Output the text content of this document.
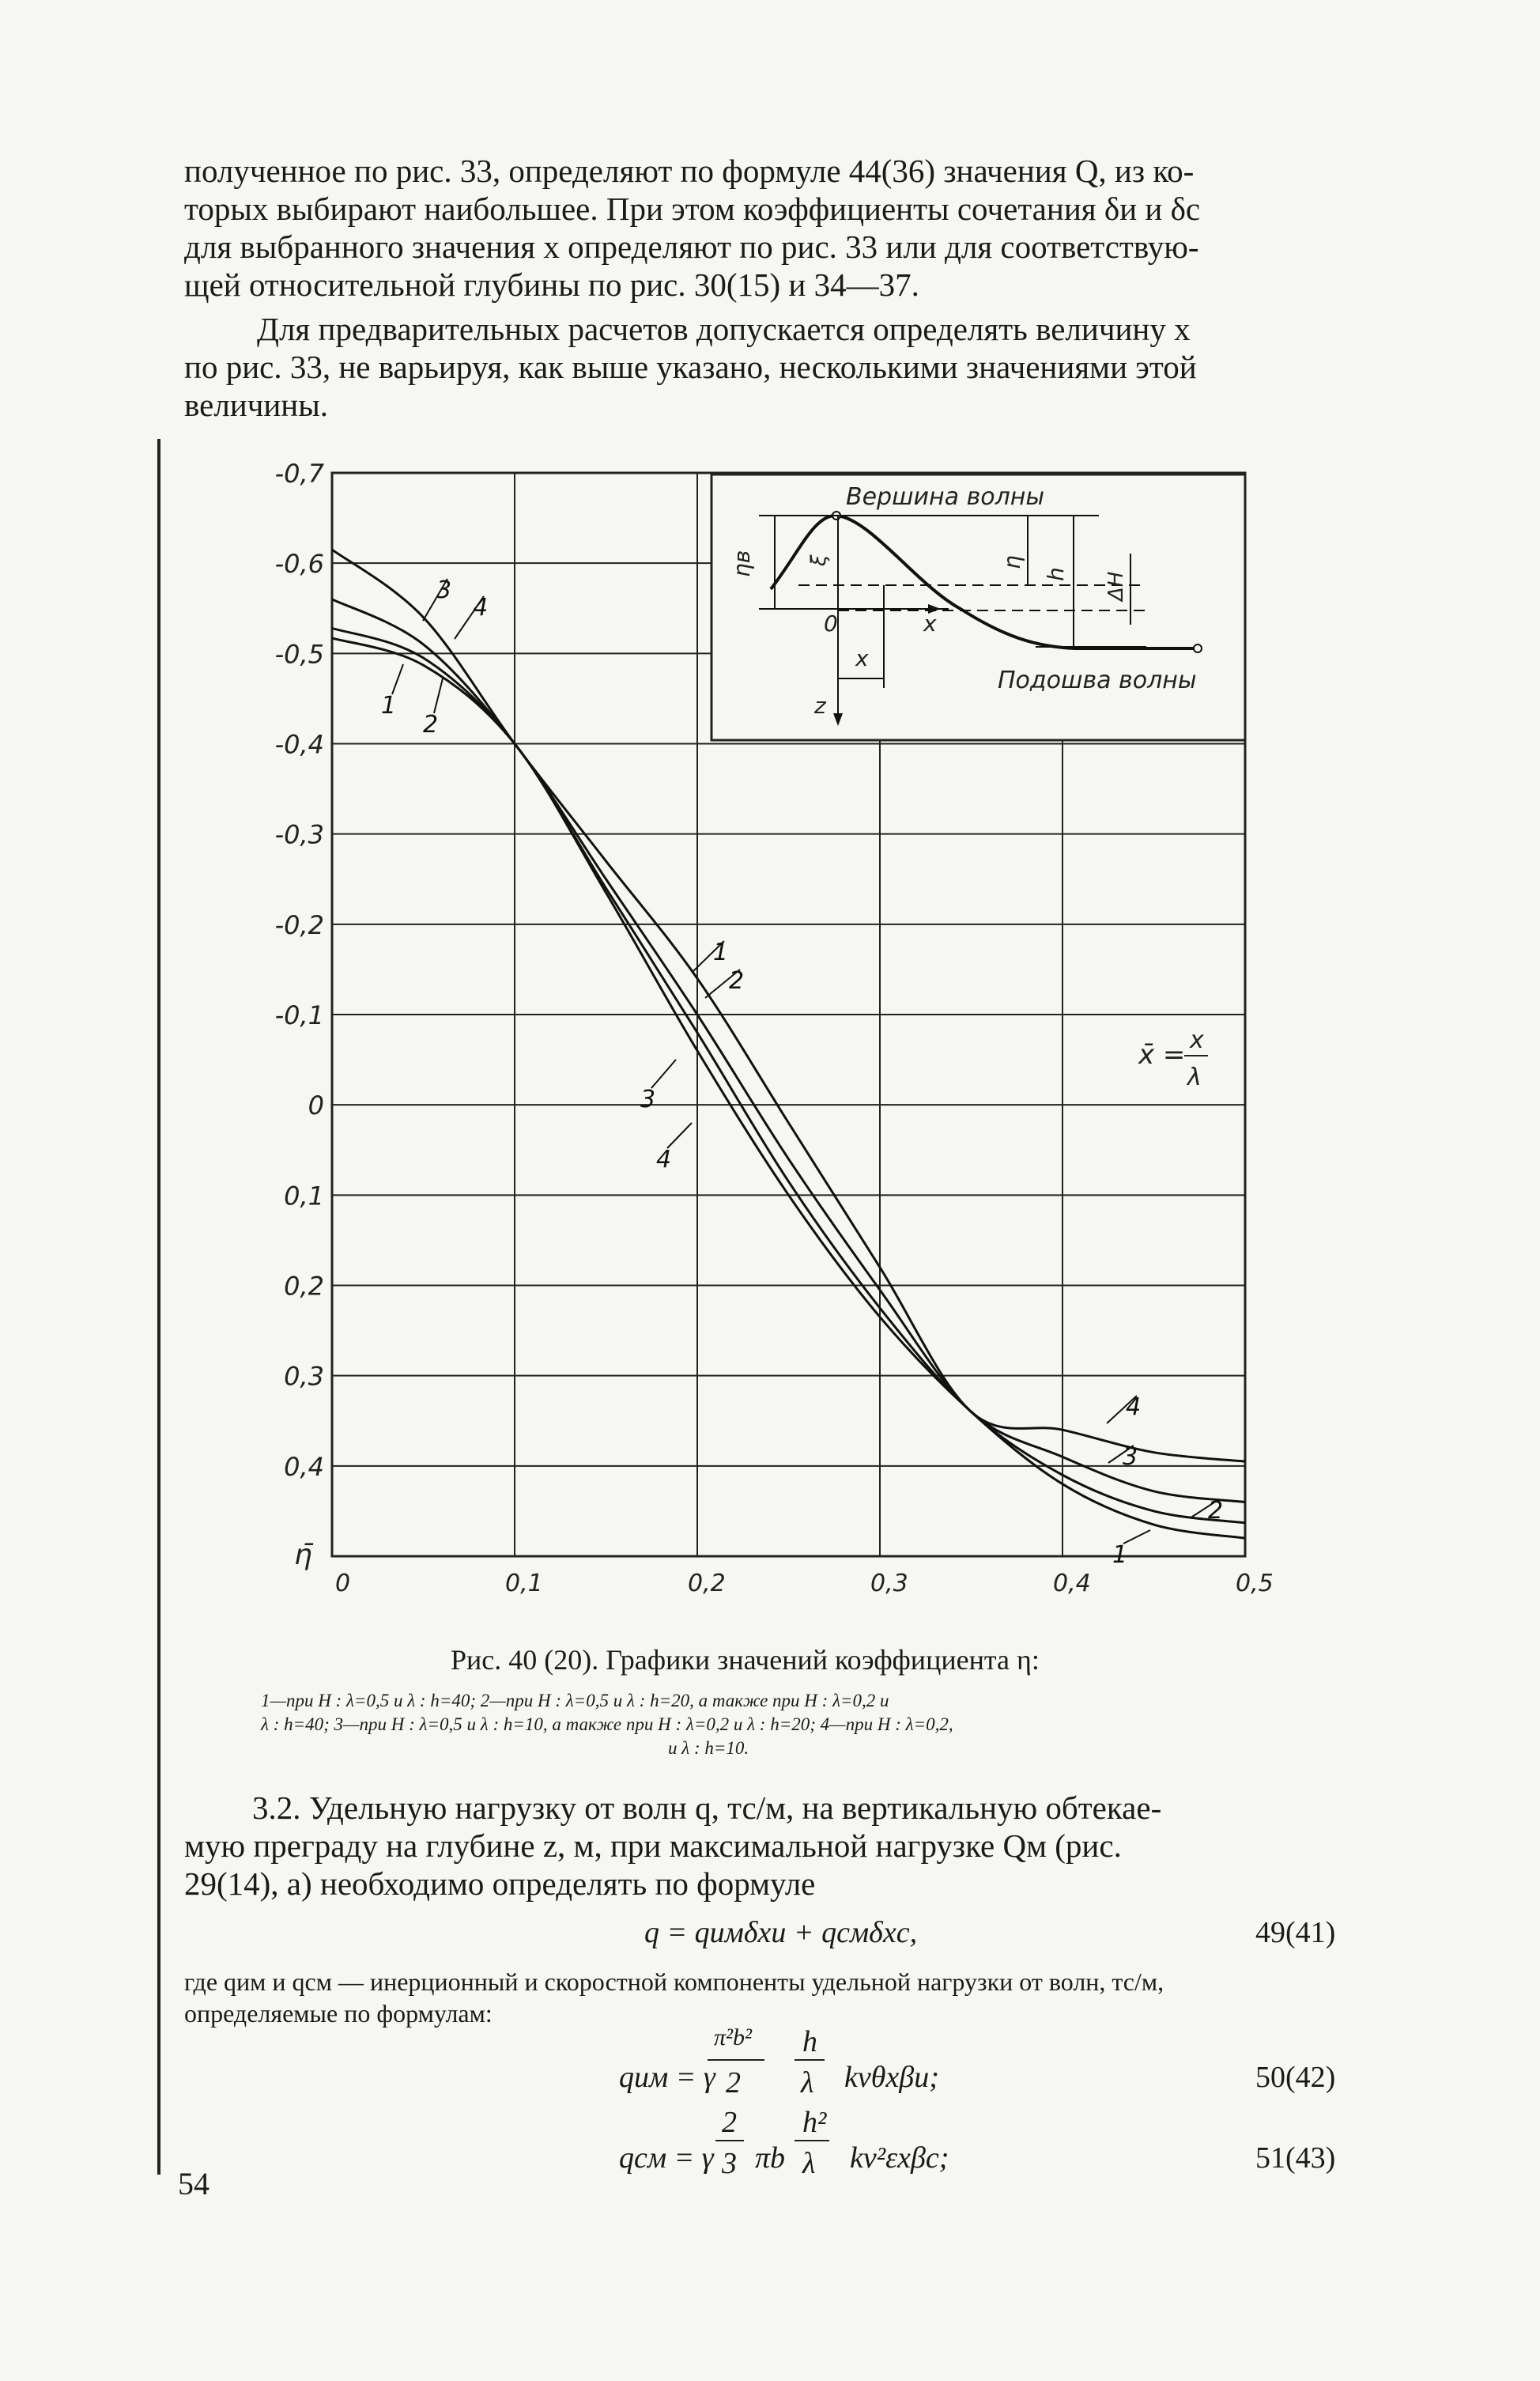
полученное по рис. 33, определяют по формуле 44(36) значения Q, из ко-
торых выбирают наибольшее. При этом коэффициенты сочетания δи и δc
для выбранного значения x определяют по рис. 33 или для соответствую-
щей относительной глубины по рис. 30(15) и 34—37.
Для предварительных расчетов допускается определять величину x
по рис. 33, не варьируя, как выше указано, несколькими значениями этой
величины.
0	0,1	0,2	0,3	0,4	0,5
-0,7
-0,6
-0,5
-0,4
-0,3
-0,2
-0,1
0
0,1
0,2
0,3
0,4
η̄
x̄ = x
λ
3
4
1
2
1
2
3
4
4
3
2
1
Вершина волны
Подошва волны
ηв
0	x
x
z
η
h ΔH
ξ
Рис. 40 (20). Графики значений коэффициента η:
1—при H : λ=0,5 и λ : h=40; 2—при H : λ=0,5 и λ : h=20, а также при H : λ=0,2 и
λ : h=40; 3—при H : λ=0,5 и λ : h=10, а также при H : λ=0,2 и λ : h=20; 4—при H : λ=0,2,
и λ : h=10.
3.2. Удельную нагрузку от волн q, тс/м, на вертикальную обтекае-
мую преграду на глубине z, м, при максимальной нагрузке Qм (рис.
29(14), а) необходимо определять по формуле
q = qимδxи + qсмδxc,	49(41)
где qим и qсм — инерционный и скоростной компоненты удельной нагрузки от волн, тс/м,
определяемые по формулам:
qим = γ
π²b²
2
h
λ kvθxβи;	50(42)
qсм = γ
2
3 πb
h²
λ kv²εxβc;	51(43)
54
